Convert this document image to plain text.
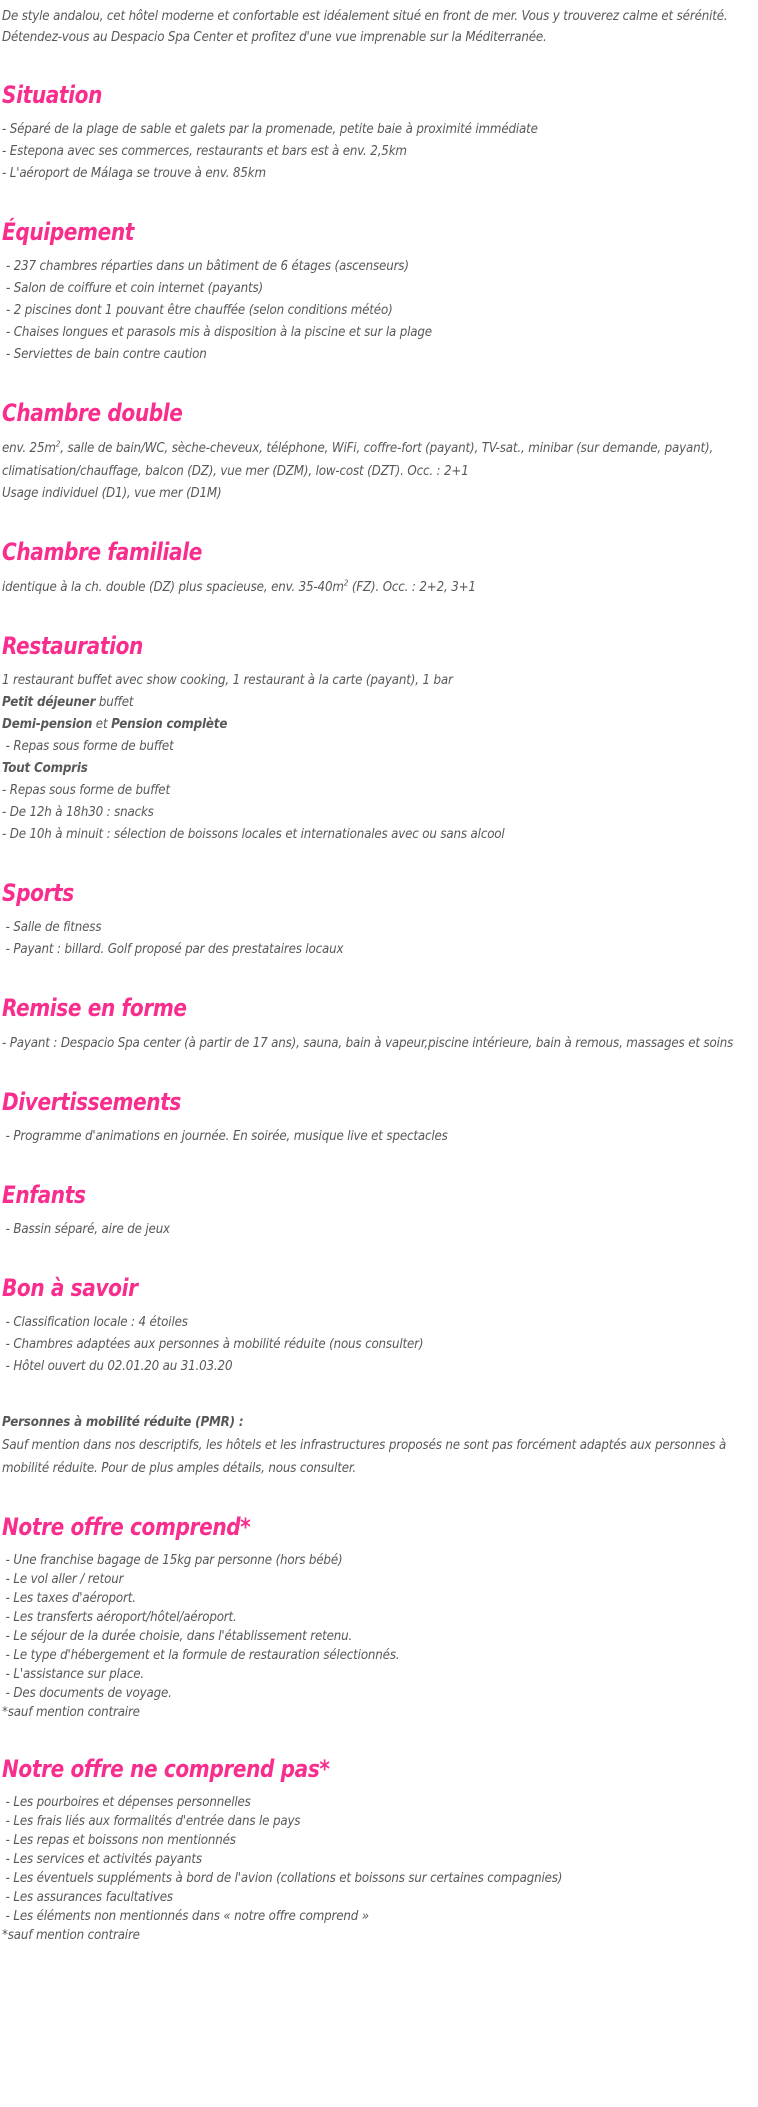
De style andalou, cet hôtel moderne et confortable est idéalement situé en front de mer. Vous y trouverez calme et sérénité. Détendez-vous au Despacio Spa Center et profitez d'une vue imprenable sur la Méditerranée.

Situation

- Séparé de la plage de sable et galets par la promenade, petite baie à proximité immédiate

- Estepona avec ses commerces, restaurants et bars est à env. 2,5km

- L'aéroport de Málaga se trouve à env. 85km

Équipement

- 237 chambres réparties dans un bâtiment de 6 étages (ascenseurs)

- Salon de coiffure et coin internet (payants)

- 2 piscines dont 1 pouvant être chauffée (selon conditions météo)

- Chaises longues et parasols mis à disposition à la piscine et sur la plage

- Serviettes de bain contre caution

Chambre double

env. $25m^2$, salle de bain/WC, sèche-cheveux, téléphone, WiFi, coffre-fort (payant), TV-sat., minibar (sur demande, payant), climatisation/chauffage, balcon (DZ), vue mer (DZM), low-cost (DZT). Occ. : 2+1

Usage individuel (D1), vue mer (D1M)

Chambre familiale

identique à la ch. double (DZ) plus spacieuse, env. $35-40m^2$ (FZ). Occ. : 2+2, 3+1

Restauration

1 restaurant buffet avec show cooking, 1 restaurant à la carte (payant), 1 bar

Petit déjeuner buffet

Demi-pension et Pension complète

- Repas sous forme de buffet

Tout Compris

- Repas sous forme de buffet

- De 12h à 18h30 : snacks

- De 10h à minuit : sélection de boissons locales et internationales avec ou sans alcool

Sports

- Salle de fitness

- Payant : billard. Golf proposé par des prestataires locaux

Remise en forme

- Payant : Despacio Spa center (à partir de 17 ans), sauna, bain à vapeur,piscine intérieure, bain à remous, massages et soins

Divertissements

- Programme d'animations en journée. En soirée, musique live et spectacles

Enfants

- Bassin séparé, aire de jeux

Bon à savoir

- Classification locale : 4 étoiles

- Chambres adaptées aux personnes à mobilité réduite (nous consulter)

- Hôtel ouvert du 02.01.20 au 31.03.20

Personnes à mobilité réduite (PMR) :

Sauf mention dans nos descriptifs, les hôtels et les infrastructures proposés ne sont pas forcément adaptés aux personnes à mobilité réduite. Pour de plus amples détails, nous consulter.

Notre offre comprend*

- Une franchise bagage de 15kg par personne (hors bébé)

- Le vol aller / retour

- Les taxes d'aéroport.

- Les transferts aéroport/hôtel/aéroport.

- Le séjour de la durée choisie, dans l'établissement retenu.

- Le type d'hébergement et la formule de restauration sélectionnés.

- L'assistance sur place.

- Des documents de voyage.

*sauf mention contraire

Notre offre ne comprend pas*

- Les pourboires et dépenses personnelles

- Les frais liés aux formalités d'entrée dans le pays

- Les repas et boissons non mentionnés

- Les services et activités payants

- Les éventuels suppléments à bord de l'avion (collations et boissons sur certaines compagnies)

- Les assurances facultatives

- Les éléments non mentionnés dans « notre offre comprend »

*sauf mention contraire
